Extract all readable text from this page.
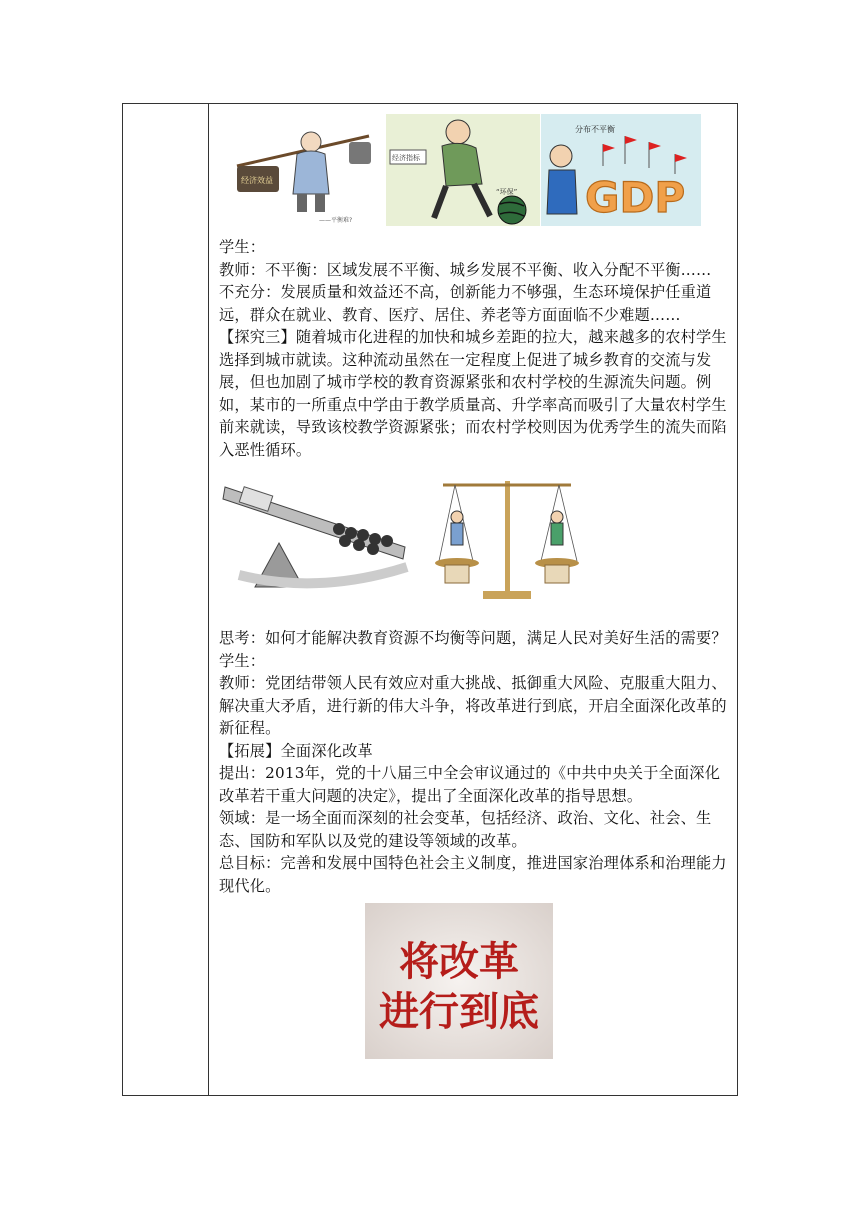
经济效益
——平衡难?
经济指标
“环保”
分布不平衡
GDP

学生：

教师：不平衡：区域发展不平衡、城乡发展不平衡、收入分配不平衡……

不充分：发展质量和效益还不高，创新能力不够强，生态环境保护任重道远，群众在就业、教育、医疗、居住、养老等方面面临不少难题……

【探究三】随着城市化进程的加快和城乡差距的拉大，越来越多的农村学生选择到城市就读。这种流动虽然在一定程度上促进了城乡教育的交流与发展，但也加剧了城市学校的教育资源紧张和农村学校的生源流失问题。例如，某市的一所重点中学由于教学质量高、升学率高而吸引了大量农村学生前来就读，导致该校教学资源紧张；而农村学校则因为优秀学生的流失而陷入恶性循环。

思考：如何才能解决教育资源不均衡等问题，满足人民对美好生活的需要？

学生：

教师：党团结带领人民有效应对重大挑战、抵御重大风险、克服重大阻力、解决重大矛盾，进行新的伟大斗争，将改革进行到底，开启全面深化改革的新征程。

【拓展】全面深化改革

提出：2013年，党的十八届三中全会审议通过的《中共中央关于全面深化改革若干重大问题的决定》，提出了全面深化改革的指导思想。

领域：是一场全面而深刻的社会变革，包括经济、政治、文化、社会、生态、国防和军队以及党的建设等领域的改革。

总目标：完善和发展中国特色社会主义制度，推进国家治理体系和治理能力现代化。

将改革
进行到底
